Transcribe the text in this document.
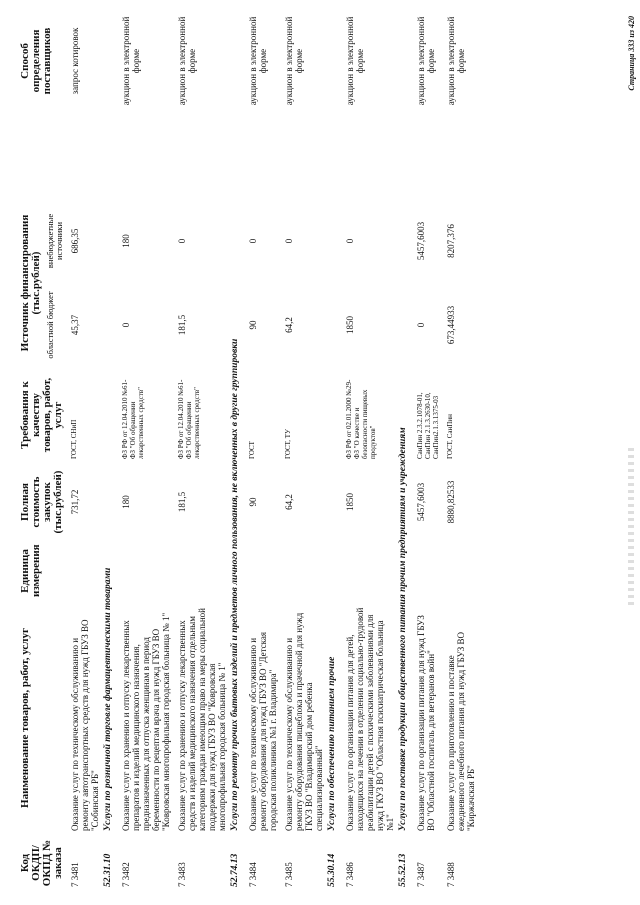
Код ОКДП/ ОКПД № заказа	Наименование товаров, работ, услуг	Единица измерения	Полная стоимость закупок (тыс.рублей)	Требования к качеству товаров, работ, услуг	Источник финансирования (тыс.рублей)			Способ определения поставщиков
					областной бюджет	внебюджетные источники		
7 3481	Оказание услуг по техническому обслуживанию и ремонту автотранспортных средств для нужд ГБУЗ ВО "Собинская РБ"		731,72	ГОСТ, СНиП	45,37	686,35		запрос котировок
52.31.10	Услуги по розничной торговле фармацевтическими товарами							
7 3482	Оказание услуг по хранению и отпуску лекарственных препаратов и изделий медицинского назначения, предназначенных для отпуска женщинам в период беременности по рецептам врача для нужд ГБУЗ ВО "Ковровская многопрофильная городская больница № 1"		180	ФЗ РФ от 12.04.2010 №61-ФЗ "Об обращении лекарственных средств"	0	180		аукцион в электронной форме
7 3483	Оказание услуг по хранению и отпуску лекарственных средств и изделий медицинского назначения отдельным категориям граждан имеющим право на меры социальной поддержки для нужд ГБУЗ ВО "Ковровская многопрофильная городская больница № 1"		181,5	ФЗ РФ от 12.04.2010 №61-ФЗ "Об обращении лекарственных средств"	181,5	0		аукцион в электронной форме
52.74.13	Услуги по ремонту прочих бытовых изделий и предметов личного пользования, не включенных в другие группировки							
7 3484	Оказание услуг по техническому обслуживанию и ремонту оборудования для нужд ГБУЗ ВО "Детская городская поликлиника №1 г. Владимира"		90	ГОСТ	90	0		аукцион в электронной форме
7 3485	Оказание услуг по техническому обслуживанию и ремонту оборудования пищеблока и прачечной для нужд ГКУЗ ВО "Владимирский дом ребенка специализированный"		64,2	ГОСТ, ТУ	64,2	0		аукцион в электронной форме
55.30.14	Услуги по обеспечению питанием прочие							
7 3486	Оказание услуг по организации питания для детей, находящихся на лечении в отделении социально-трудовой реабилитации детей с психическими заболеваниями для нужд ГКУЗ ВО "Областная психиатрическая больница №1"		1850	ФЗ РФ от 02.01.2000 №29-ФЗ "О качестве и безопасности пищевых продуктов"	1850	0		аукцион в электронной форме
55.52.13	Услуги по поставке продукции общественного питания прочим предприятиям и учреждениям							
7 3487	Оказание услуг по организации питания для нужд ГБУЗ ВО "Областной госпиталь для ветеранов войн"		5457,6003	СанПин 2.3.2.1078-01, СанПин 2.1.3.2630-10, СанПин2.1.3.1375-03	0	5457,6003		аукцион в электронной форме
7 3488	Оказание услуг по приготовлению и поставке ежедневного лечебного питания для нужд ГБУЗ ВО "Киржачская РБ"		8880,82533	ГОСТ, СанПин	673,44933	8207,376		аукцион в электронной форме	Страница 333 из 420
